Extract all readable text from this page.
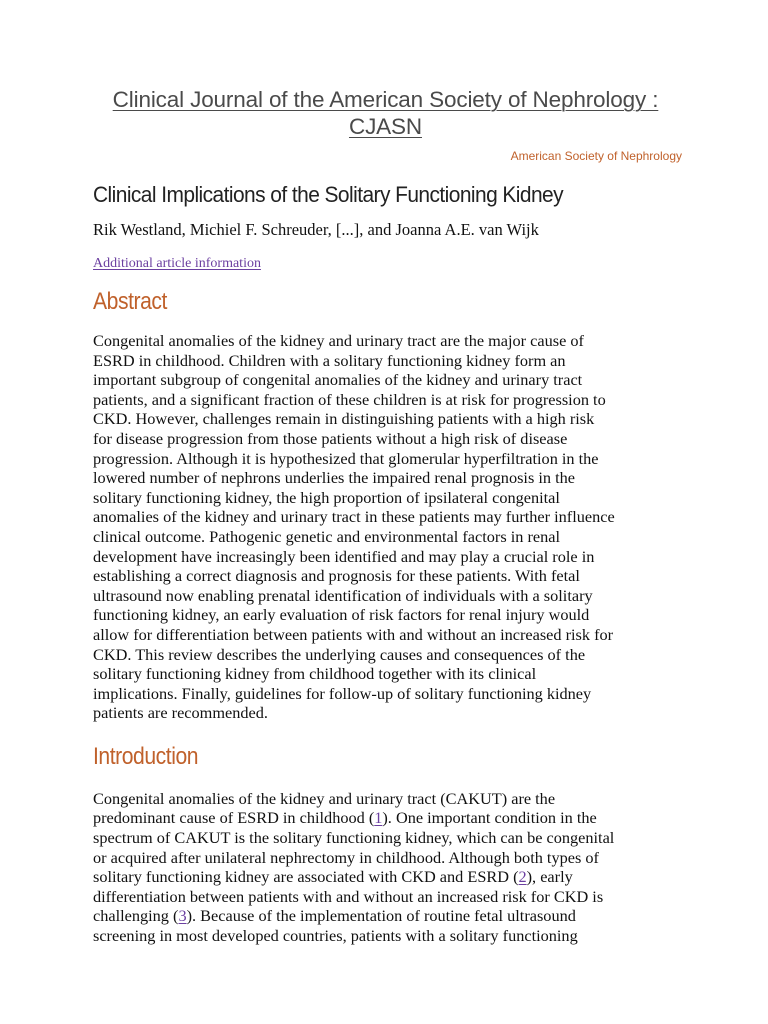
Clinical Journal of the American Society of Nephrology : CJASN
American Society of Nephrology
Clinical Implications of the Solitary Functioning Kidney
Rik Westland, Michiel F. Schreuder, [...], and Joanna A.E. van Wijk
Additional article information
Abstract

Congenital anomalies of the kidney and urinary tract are the major cause of
ESRD in childhood. Children with a solitary functioning kidney form an
important subgroup of congenital anomalies of the kidney and urinary tract
patients, and a significant fraction of these children is at risk for progression to
CKD. However, challenges remain in distinguishing patients with a high risk
for disease progression from those patients without a high risk of disease
progression. Although it is hypothesized that glomerular hyperfiltration in the
lowered number of nephrons underlies the impaired renal prognosis in the
solitary functioning kidney, the high proportion of ipsilateral congenital
anomalies of the kidney and urinary tract in these patients may further influence
clinical outcome. Pathogenic genetic and environmental factors in renal
development have increasingly been identified and may play a crucial role in
establishing a correct diagnosis and prognosis for these patients. With fetal
ultrasound now enabling prenatal identification of individuals with a solitary
functioning kidney, an early evaluation of risk factors for renal injury would
allow for differentiation between patients with and without an increased risk for
CKD. This review describes the underlying causes and consequences of the
solitary functioning kidney from childhood together with its clinical
implications. Finally, guidelines for follow-up of solitary functioning kidney
patients are recommended.

Introduction

Congenital anomalies of the kidney and urinary tract (CAKUT) are the
predominant cause of ESRD in childhood (1). One important condition in the
spectrum of CAKUT is the solitary functioning kidney, which can be congenital
or acquired after unilateral nephrectomy in childhood. Although both types of
solitary functioning kidney are associated with CKD and ESRD (2), early
differentiation between patients with and without an increased risk for CKD is
challenging (3). Because of the implementation of routine fetal ultrasound
screening in most developed countries, patients with a solitary functioning
